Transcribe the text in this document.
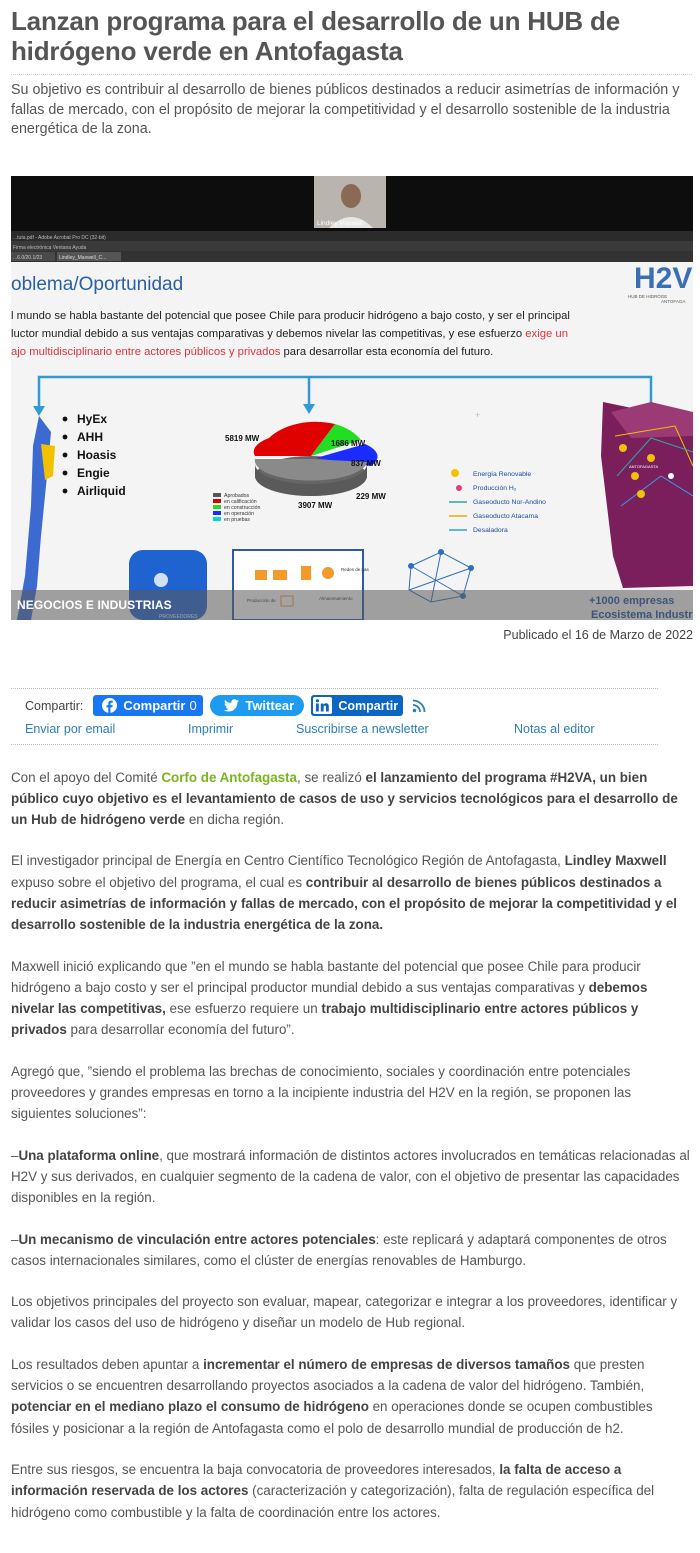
Lanzan programa para el desarrollo de un HUB de hidrógeno verde en Antofagasta

Su objetivo es contribuir al desarrollo de bienes públicos destinados a reducir asimetrías de información y fallas de mercado, con el propósito de mejorar la competitividad y el desarrollo sostenible de la industria energética de la zona.

Lindley Maxwell
...tuta.pdf - Adobe Acrobat Pro DC (32-bit)
Firma electrónica Ventana Ayuda
...6.0/20.1/23	Lindley_Maxwell_C...
oblema/Oportunidad	H2V
HUB DE HIDRÓGE
ANTOFAGA
l mundo se habla bastante del potencial que posee Chile para producir hidrógeno a bajo costo, y ser el principal
luctor mundial debido a sus ventajas comparativas y debemos nivelar las competitivas, y ese esfuerzo exige un
ajo multidisciplinario entre actores públicos y privados para desarrollar esta economía del futuro.
HyEx
AHH
Hoasis
Engie
Airliquid
5819 MW
1686 MW
837 MW
229 MW
3907 MW
Aprobados
en calificación
en construcción
en operación
en pruebas
Energía Renovable
Producción H₂
Gaseoducto Nor-Andino
Gaseoducto Atacama
Desaladora
+
ANTOFAGASTA
Redes de gas
NEGOCIOS E INDUSTRIAS
Publicado el 16 de Marzo de 2022
Compartir:	Compartir 0	Twittear	Compartir
Enviar por email	Imprimir	Suscribirse a newsletter	Notas al editor

Con el apoyo del Comité Corfo de Antofagasta, se realizó el lanzamiento del programa #H2VA, un bien público cuyo objetivo es el levantamiento de casos de uso y servicios tecnológicos para el desarrollo de un Hub de hidrógeno verde en dicha región.

El investigador principal de Energía en Centro Científico Tecnológico Región de Antofagasta, Lindley Maxwell expuso sobre el objetivo del programa, el cual es contribuir al desarrollo de bienes públicos destinados a reducir asimetrías de información y fallas de mercado, con el propósito de mejorar la competitividad y el desarrollo sostenible de la industria energética de la zona.

Maxwell inició explicando que ”en el mundo se habla bastante del potencial que posee Chile para producir hidrógeno a bajo costo y ser el principal productor mundial debido a sus ventajas comparativas y debemos nivelar las competitivas, ese esfuerzo requiere un trabajo multidisciplinario entre actores públicos y privados para desarrollar economía del futuro”.

Agregó que, ”siendo el problema las brechas de conocimiento, sociales y coordinación entre potenciales proveedores y grandes empresas en torno a la incipiente industria del H2V en la región, se proponen las siguientes soluciones”:

–Una plataforma online, que mostrará información de distintos actores involucrados en temáticas relacionadas al H2V y sus derivados, en cualquier segmento de la cadena de valor, con el objetivo de presentar las capacidades disponibles en la región.

–Un mecanismo de vinculación entre actores potenciales: este replicará y adaptará componentes de otros casos internacionales similares, como el clúster de energías renovables de Hamburgo.

Los objetivos principales del proyecto son evaluar, mapear, categorizar e integrar a los proveedores, identificar y validar los casos del uso de hidrógeno y diseñar un modelo de Hub regional.

Los resultados deben apuntar a incrementar el número de empresas de diversos tamaños que presten servicios o se encuentren desarrollando proyectos asociados a la cadena de valor del hidrógeno. También, potenciar en el mediano plazo el consumo de hidrógeno en operaciones donde se ocupen combustibles fósiles y posicionar a la región de Antofagasta como el polo de desarrollo mundial de producción de h2.

Entre sus riesgos, se encuentra la baja convocatoria de proveedores interesados, la falta de acceso a información reservada de los actores (caracterización y categorización), falta de regulación específica del hidrógeno como combustible y la falta de coordinación entre los actores.
